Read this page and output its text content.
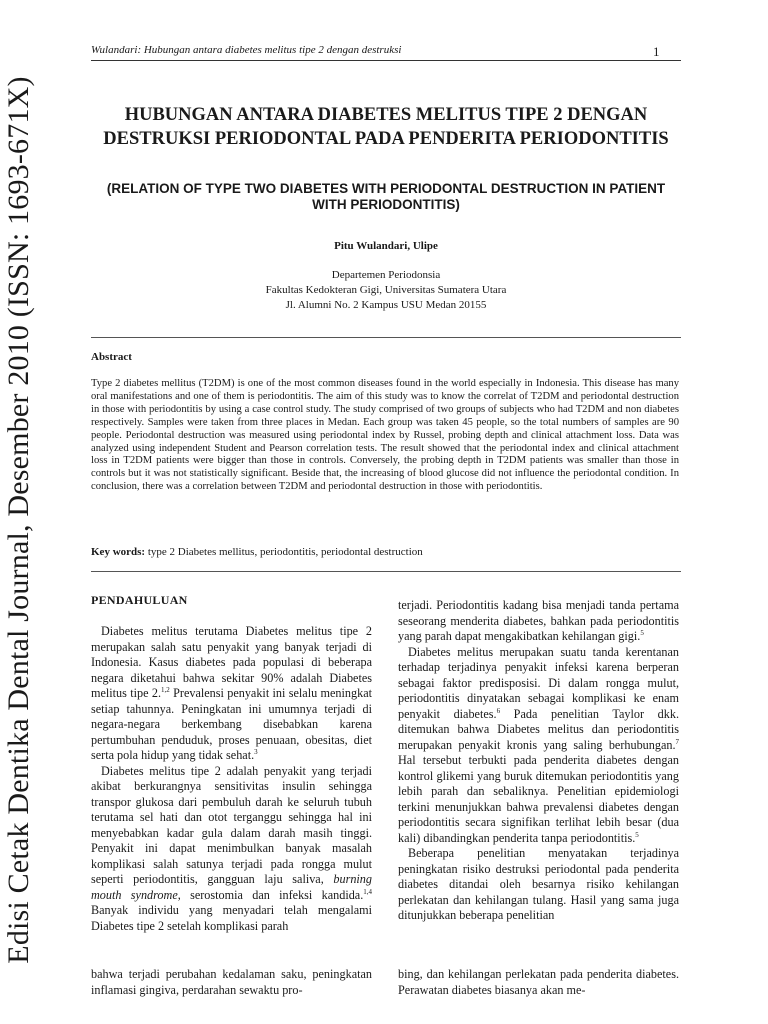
Edisi Cetak Dentika Dental Journal, Desember 2010 (ISSN: 1693-671X)
Wulandari: Hubungan antara diabetes melitus tipe 2 dengan destruksi	1
HUBUNGAN ANTARA DIABETES MELITUS TIPE 2 DENGAN DESTRUKSI PERIODONTAL PADA PENDERITA PERIODONTITIS
(RELATION OF TYPE TWO DIABETES WITH PERIODONTAL DESTRUCTION IN PATIENT WITH PERIODONTITIS)
Pitu Wulandari, Ulipe
Departemen Periodonsia
Fakultas Kedokteran Gigi, Universitas Sumatera Utara
Jl. Alumni No. 2 Kampus USU Medan 20155
Abstract
Type 2 diabetes mellitus (T2DM) is one of the most common diseases found in the world especially in Indonesia. This disease has many oral manifestations and one of them is periodontitis. The aim of this study was to know the correlat of T2DM and periodontal destruction in those with periodontitis by using a case control study. The study comprised of two groups of subjects who had T2DM and non diabetes respectively. Samples were taken from three places in Medan. Each group was taken 45 people, so the total numbers of samples are 90 people. Periodontal destruction was measured using periodontal index by Russel, probing depth and clinical attachment loss. Data was analyzed using independent Student and Pearson correlation tests. The result showed that the periodontal index and clinical attachment loss in T2DM patients were bigger than those in controls. Conversely, the probing depth in T2DM patients was smaller than those in controls but it was not statistically significant. Beside that, the increasing of blood glucose did not influence the periodontal condition. In conclusion, there was a correlation between T2DM and periodontal destruction in those with periodontitis.
Key words: type 2 Diabetes mellitus, periodontitis, periodontal destruction
PENDAHULUAN

Diabetes melitus terutama Diabetes melitus tipe 2 merupakan salah satu penyakit yang banyak terjadi di Indonesia. Kasus diabetes pada populasi di beberapa negara diketahui bahwa sekitar 90% adalah Diabetes melitus tipe 2.$^{1,2}$ Prevalensi penyakit ini selalu meningkat setiap tahunnya. Peningkatan ini umumnya terjadi di negara-negara berkembang disebabkan karena pertumbuhan penduduk, proses penuaan, obesitas, diet serta pola hidup yang tidak sehat.$^3$

Diabetes melitus tipe 2 adalah penyakit yang terjadi akibat berkurangnya sensitivitas insulin sehingga transpor glukosa dari pembuluh darah ke seluruh tubuh terutama sel hati dan otot terganggu sehingga hal ini menyebabkan kadar gula dalam darah masih tinggi. Penyakit ini dapat menimbulkan banyak masalah komplikasi salah satunya terjadi pada rongga mulut seperti periodontitis, gangguan laju saliva, burning mouth syndrome, serostomia dan infeksi kandida.$^{1,4}$ Banyak individu yang menyadari telah mengalami Diabetes tipe 2 setelah komplikasi parah

terjadi. Periodontitis kadang bisa menjadi tanda pertama seseorang menderita diabetes, bahkan pada periodontitis yang parah dapat mengakibatkan kehilangan gigi.$^5$

Diabetes melitus merupakan suatu tanda kerentanan terhadap terjadinya penyakit infeksi karena berperan sebagai faktor predisposisi. Di dalam rongga mulut, periodontitis dinyatakan sebagai komplikasi ke enam penyakit diabetes.$^6$ Pada penelitian Taylor dkk. ditemukan bahwa Diabetes melitus dan periodontitis merupakan penyakit kronis yang saling berhubungan.$^7$ Hal tersebut terbukti pada penderita diabetes dengan kontrol glikemi yang buruk ditemukan periodontitis yang lebih parah dan sebaliknya. Penelitian epidemiologi terkini menunjukkan bahwa prevalensi diabetes dengan periodontitis secara signifikan terlihat lebih besar (dua kali) dibandingkan penderita tanpa periodontitis.$^5$

Beberapa penelitian menyatakan terjadinya peningkatan risiko destruksi periodontal pada penderita diabetes ditandai oleh besarnya risiko kehilangan perlekatan dan kehilangan tulang. Hasil yang sama juga ditunjukkan beberapa penelitian

bahwa terjadi perubahan kedalaman saku, peningkatan inflamasi gingiva, perdarahan sewaktu pro-

bing, dan kehilangan perlekatan pada penderita diabetes. Perawatan diabetes biasanya akan me-
